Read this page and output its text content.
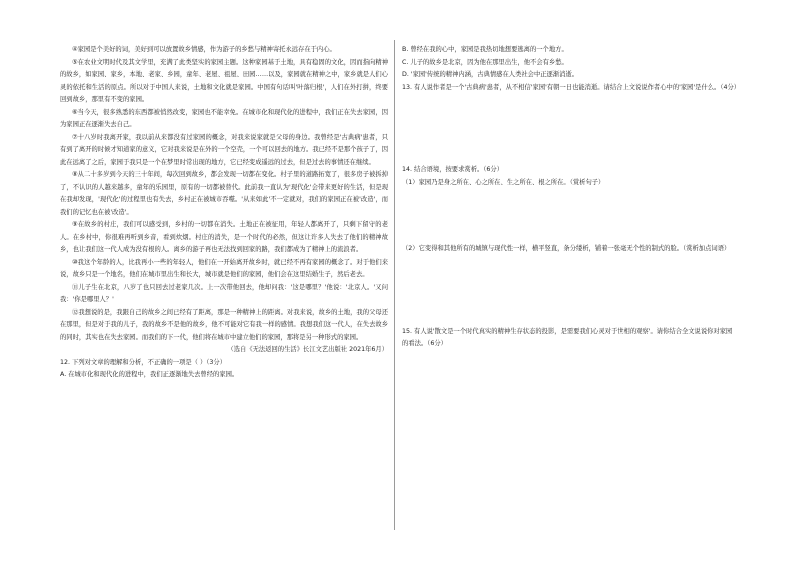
④家园是个美好的词，美好到可以放置故乡情感，作为游子的乡愁与精神寄托永远存在于内心。

⑤在农业文明时代及其文学里，充满了此类坚实的家园主题。这种家园基于土地，具有稳固的文化，因而指向精神的故乡，如家园、家乡，本地、老家、乡园，童年、老屋、祖屋、田园……以及，家园就在精神之中，家乡就是人们心灵的依托和生活的原点。所以对于中国人来说，土地和文化就是家园。中国有句话叫'叶落归根'，人们在外打拼，终要回到故乡，那里有不变的家园。

⑥当今天，很多熟悉的东西都被悄然改变，家园也不能幸免。在城市化和现代化的进程中，我们正在失去家园，因为家园正在逐渐失去自己。

⑦十八岁时我离开家，我以前从来都没有过家园的概念，对我来说家就是父母的身边。我曾经是'古典病'患者，只有到了离开的时候才知道家的意义，它对我来说是在外的一个空壳，一个可以回去的地方。我已经不是那个孩子了，因此在远离了之后，家园于我只是一个在梦里时常出现的地方，它已经变成遥远的过去，但是过去的事情还在继续。

⑧从二十多岁到今天的三十年间，每次回到故乡，都会发现一切都在变化。村子里的道路拓宽了，很多房子被拆掉了，不认识的人越来越多，童年的乐园里，原有的一切都被替代。此前我一直认为'现代化'会带来更好的生活，但是现在我却发现，'现代化'的过程里也有失去，乡村正在被城市吞噬。'从来如此'不一定就对，我们的家园正在被'改造'，而我们的记忆也在被'改造'。

⑨在故乡的村庄，我们可以感受到，乡村的一切都在消失。土地正在被征用，年轻人都离开了，只剩下留守的老人。在乡村中，你很难再听到乡音，看到炊烟。村庄的消失，是一个时代的必然，但这让许多人失去了他们的精神故乡，也让我们这一代人成为没有根的人。离乡的游子再也无法找到回家的路，我们都成为了精神上的流浪者。

⑩我这个年龄的人，比我再小一些的年轻人，他们在一开始离开故乡时，就已经不再有家园的概念了。对于他们来说，故乡只是一个地名，他们在城市里出生和长大，城市就是他们的家园，他们会在这里结婚生子，然后老去。

⑪儿子生在北京，八岁了也只回去过老家几次。上一次带他回去，他却问我：'这是哪里？'他说：'北京人。'又问我：'你是哪里人？'

⑫我想说的是，我跟自己的故乡之间已经有了距离，那是一种精神上的距离。对我来说，故乡的土地，我的父母还在那里，但是对于我的儿子，我的故乡不是他的故乡，他不可能对它有我一样的感情。我想我们这一代人，在失去故乡的同时，其实也在失去家园。而我们的下一代，他们将在城市中建立他们的家园，那将是另一种形式的家园。

（选自《无法返回的生活》长江文艺出版社 2021年6月）

12. 下列对文章的理解和分析，不正确的一项是（ ）（3分）

A. 在城市化和现代化的进程中，我们正逐渐地失去曾经的家园。

B. 曾经在我的心中，家园是我热切地想要逃离的一个地方。

C. 儿子的故乡是北京，因为他在那里出生，他不会有乡愁。

D. '家园'传统的精神内涵，古典情感在人类社会中正逐渐消逝。

13. 有人说作者是一个'古典病'患者，从不相信'家园'有朝一日也能消逝。请结合上文说说作者心中的'家园'是什么。（4分）

14. 结合语境，按要求赏析。（6分）

（1）家园乃是身之所在、心之所在、生之所在、根之所在。（赏析句子）

（2）它变得和其他所有的城镇与现代性一样，横平竖直，条分缕析，铺着一张毫无个性的制式的脸。（赏析加点词语）

15. 有人说'散文是一个时代真实的精神生存状态的投影，是需要我们心灵对于世相的观察'。请你结合全文说说你对家园的看法。（6分）
